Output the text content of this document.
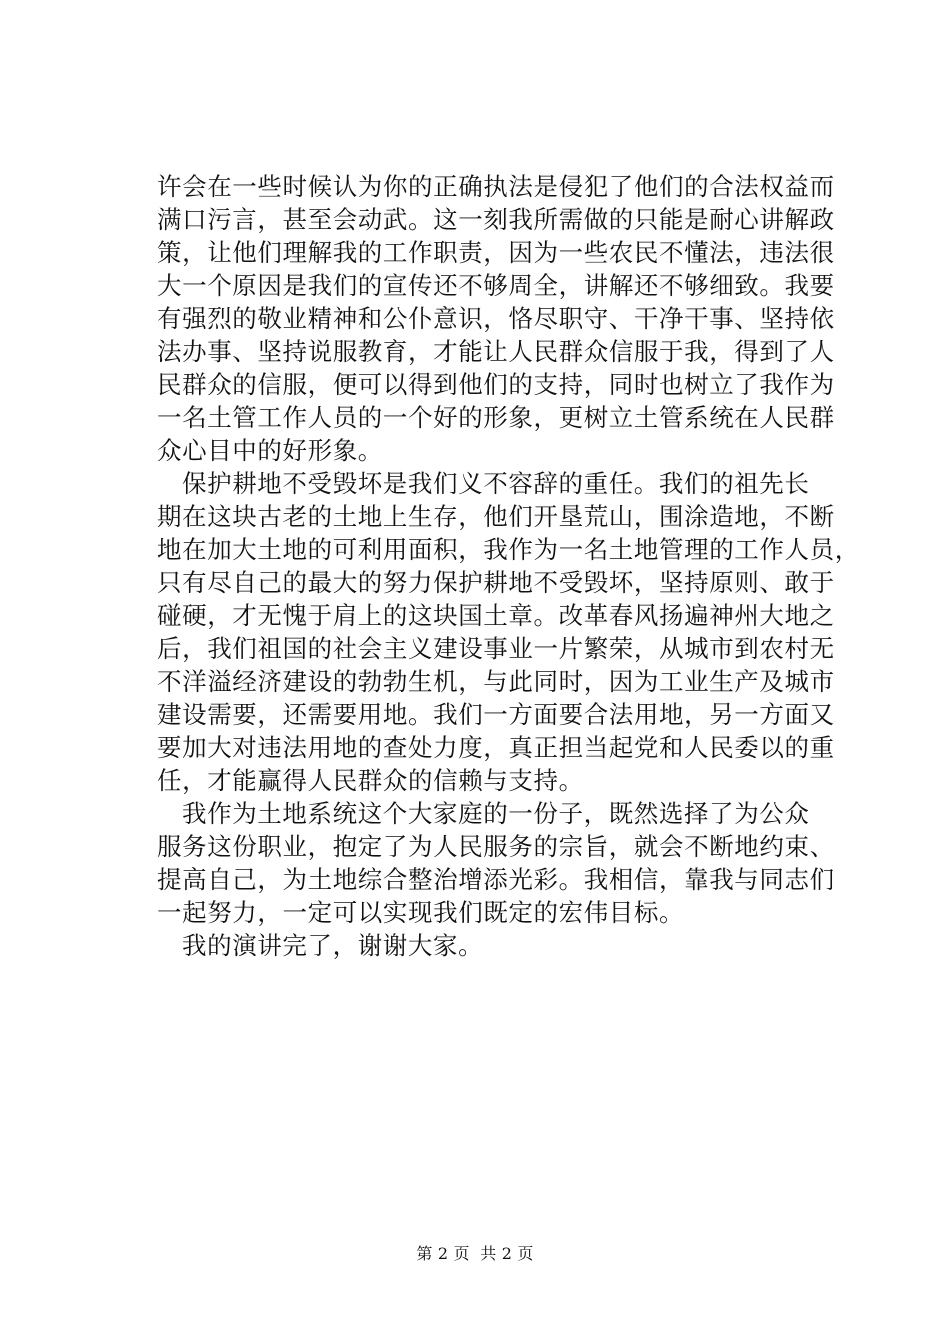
许会在一些时候认为你的正确执法是侵犯了他们的合法权益而
满口污言，甚至会动武。这一刻我所需做的只能是耐心讲解政
策，让他们理解我的工作职责，因为一些农民不懂法，违法很
大一个原因是我们的宣传还不够周全，讲解还不够细致。我要
有强烈的敬业精神和公仆意识，恪尽职守、干净干事、坚持依
法办事、坚持说服教育，才能让人民群众信服于我，得到了人
民群众的信服，便可以得到他们的支持，同时也树立了我作为
一名土管工作人员的一个好的形象，更树立土管系统在人民群
众心目中的好形象。
保护耕地不受毁坏是我们义不容辞的重任。我们的祖先长
期在这块古老的土地上生存，他们开垦荒山，围涂造地，不断
地在加大土地的可利用面积，我作为一名土地管理的工作人员，
只有尽自己的最大的努力保护耕地不受毁坏，坚持原则、敢于
碰硬，才无愧于肩上的这块国土章。改革春风扬遍神州大地之
后，我们祖国的社会主义建设事业一片繁荣，从城市到农村无
不洋溢经济建设的勃勃生机，与此同时，因为工业生产及城市
建设需要，还需要用地。我们一方面要合法用地，另一方面又
要加大对违法用地的查处力度，真正担当起党和人民委以的重
任，才能赢得人民群众的信赖与支持。
我作为土地系统这个大家庭的一份子，既然选择了为公众
服务这份职业，抱定了为人民服务的宗旨，就会不断地约束、
提高自己，为土地综合整治增添光彩。我相信，靠我与同志们
一起努力，一定可以实现我们既定的宏伟目标。
我的演讲完了，谢谢大家。
第 2 页  共 2 页
